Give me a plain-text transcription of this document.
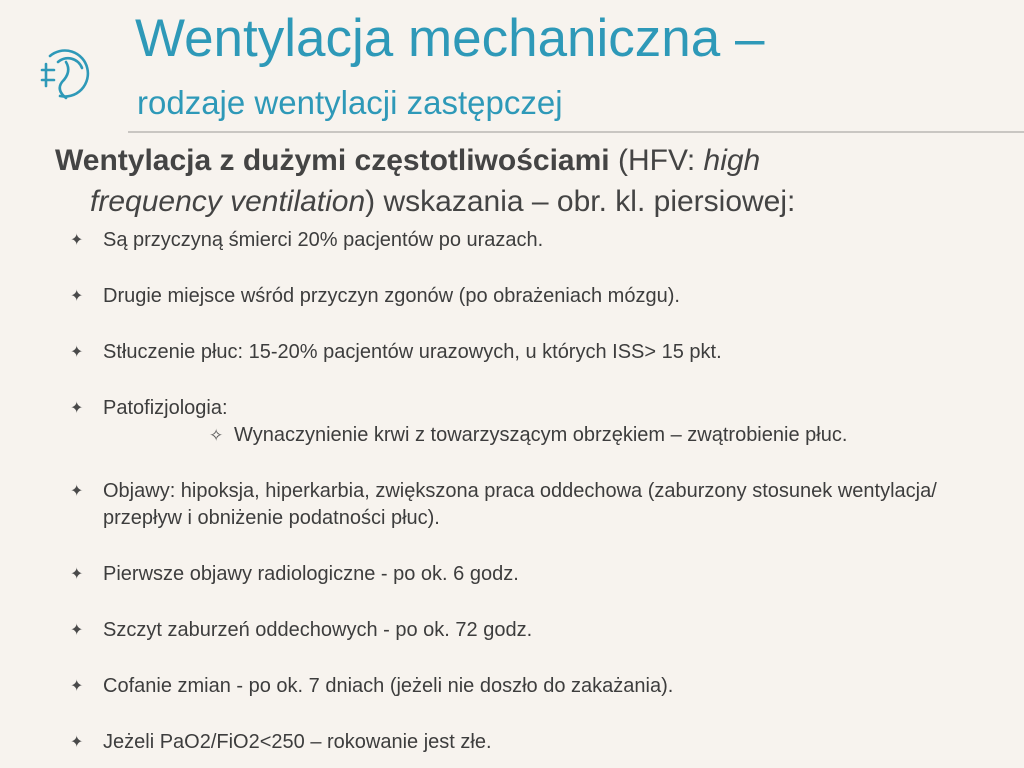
Wentylacja mechaniczna –
rodzaje wentylacji zastępczej
Wentylacja z dużymi częstotliwościami (HFV: high
frequency ventilation) wskazania – obr. kl. piersiowej:
✦ Są przyczyną śmierci 20% pacjentów po urazach.
✦ Drugie miejsce wśród przyczyn zgonów (po obrażeniach mózgu).
✦ Stłuczenie płuc: 15-20% pacjentów urazowych, u których ISS> 15 pkt.
✦ Patofizjologia:
✧ Wynaczynienie krwi z towarzyszącym obrzękiem – zwątrobienie płuc.
✦ Objawy: hipoksja, hiperkarbia, zwiększona praca oddechowa (zaburzony stosunek wentylacja/ przepływ i obniżenie podatności płuc).
✦ Pierwsze objawy radiologiczne - po ok. 6 godz.
✦ Szczyt zaburzeń oddechowych - po ok. 72 godz.
✦ Cofanie zmian - po ok. 7 dniach (jeżeli nie doszło do zakażania).
✦ Jeżeli PaO2/FiO2<250 – rokowanie jest złe.
